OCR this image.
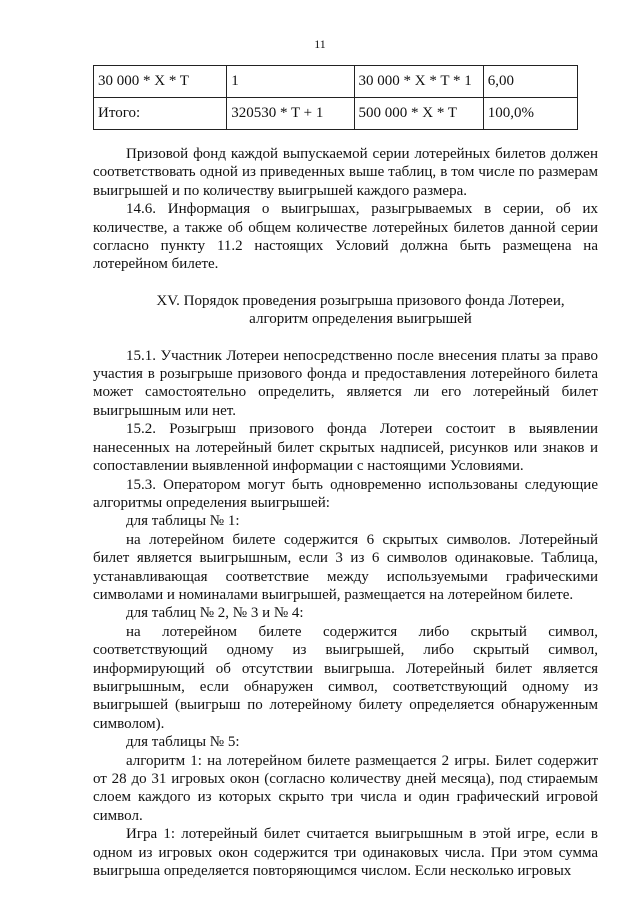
11
30 000 * X * T	1	30 000 * X * T * 1	6,00
Итого:	320530 * T + 1	500 000 * X * T	100,0%

Призовой фонд каждой выпускаемой серии лотерейных билетов должен соответствовать одной из приведенных выше таблиц, в том числе по размерам выигрышей и по количеству выигрышей каждого размера.

14.6. Информация о выигрышах, разыгрываемых в серии, об их количестве, а также об общем количестве лотерейных билетов данной серии согласно пункту 11.2 настоящих Условий должна быть размещена на лотерейном билете.

XV. Порядок проведения розыгрыша призового фонда Лотереи,

алгоритм определения выигрышей

15.1. Участник Лотереи непосредственно после внесения платы за право участия в розыгрыше призового фонда и предоставления лотерейного билета может самостоятельно определить, является ли его лотерейный билет выигрышным или нет.

15.2. Розыгрыш призового фонда Лотереи состоит в выявлении нанесенных на лотерейный билет скрытых надписей, рисунков или знаков и сопоставлении выявленной информации с настоящими Условиями.

15.3. Оператором могут быть одновременно использованы следующие алгоритмы определения выигрышей:

для таблицы № 1:

на лотерейном билете содержится 6 скрытых символов. Лотерейный билет является выигрышным, если 3 из 6 символов одинаковые. Таблица, устанавливающая соответствие между используемыми графическими символами и номиналами выигрышей, размещается на лотерейном билете.

для таблиц № 2, № 3 и № 4:

на лотерейном билете содержится либо скрытый символ, соответствующий одному из выигрышей, либо скрытый символ, информирующий об отсутствии выигрыша. Лотерейный билет является выигрышным, если обнаружен символ, соответствующий одному из выигрышей (выигрыш по лотерейному билету определяется обнаруженным символом).

для таблицы № 5:

алгоритм 1: на лотерейном билете размещается 2 игры. Билет содержит от 28 до 31 игровых окон (согласно количеству дней месяца), под стираемым слоем каждого из которых скрыто три числа и один графический игровой символ.

Игра 1: лотерейный билет считается выигрышным в этой игре, если в одном из игровых окон содержится три одинаковых числа. При этом сумма выигрыша определяется повторяющимся числом. Если несколько игровых
